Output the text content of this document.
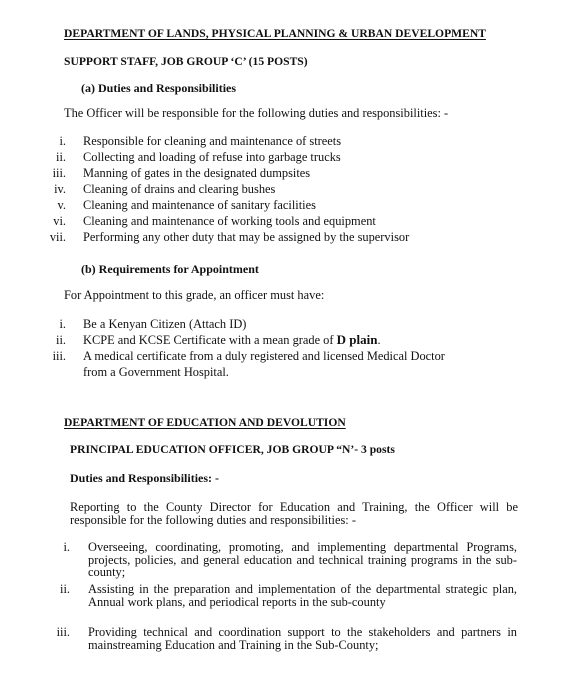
DEPARTMENT OF LANDS, PHYSICAL PLANNING & URBAN DEVELOPMENT
SUPPORT STAFF, JOB GROUP ‘C’ (15 POSTS)
(a) Duties and Responsibilities
The Officer will be responsible for the following duties and responsibilities: -
i. Responsible for cleaning and maintenance of streets
ii. Collecting and loading of refuse into garbage trucks
iii. Manning of gates in the designated dumpsites
iv. Cleaning of drains and clearing bushes
v. Cleaning and maintenance of sanitary facilities
vi. Cleaning and maintenance of working tools and equipment
vii. Performing any other duty that may be assigned by the supervisor
(b) Requirements for Appointment
For Appointment to this grade, an officer must have:
i. Be a Kenyan Citizen (Attach ID)
ii. KCPE and KCSE Certificate with a mean grade of D plain.
iii. A medical certificate from a duly registered and licensed Medical Doctor
from a Government Hospital.
DEPARTMENT OF EDUCATION AND DEVOLUTION
PRINCIPAL EDUCATION OFFICER, JOB GROUP “N’- 3 posts
Duties and Responsibilities: -
Reporting to the County Director for Education and Training, the Officer will be responsible for the following duties and responsibilities: -
i. Overseeing, coordinating, promoting, and implementing departmental Programs, projects, policies, and general education and technical training programs in the sub-county;
ii. Assisting in the preparation and implementation of the departmental strategic plan, Annual work plans, and periodical reports in the sub-county
iii. Providing technical and coordination support to the stakeholders and partners in mainstreaming Education and Training in the Sub-County;
